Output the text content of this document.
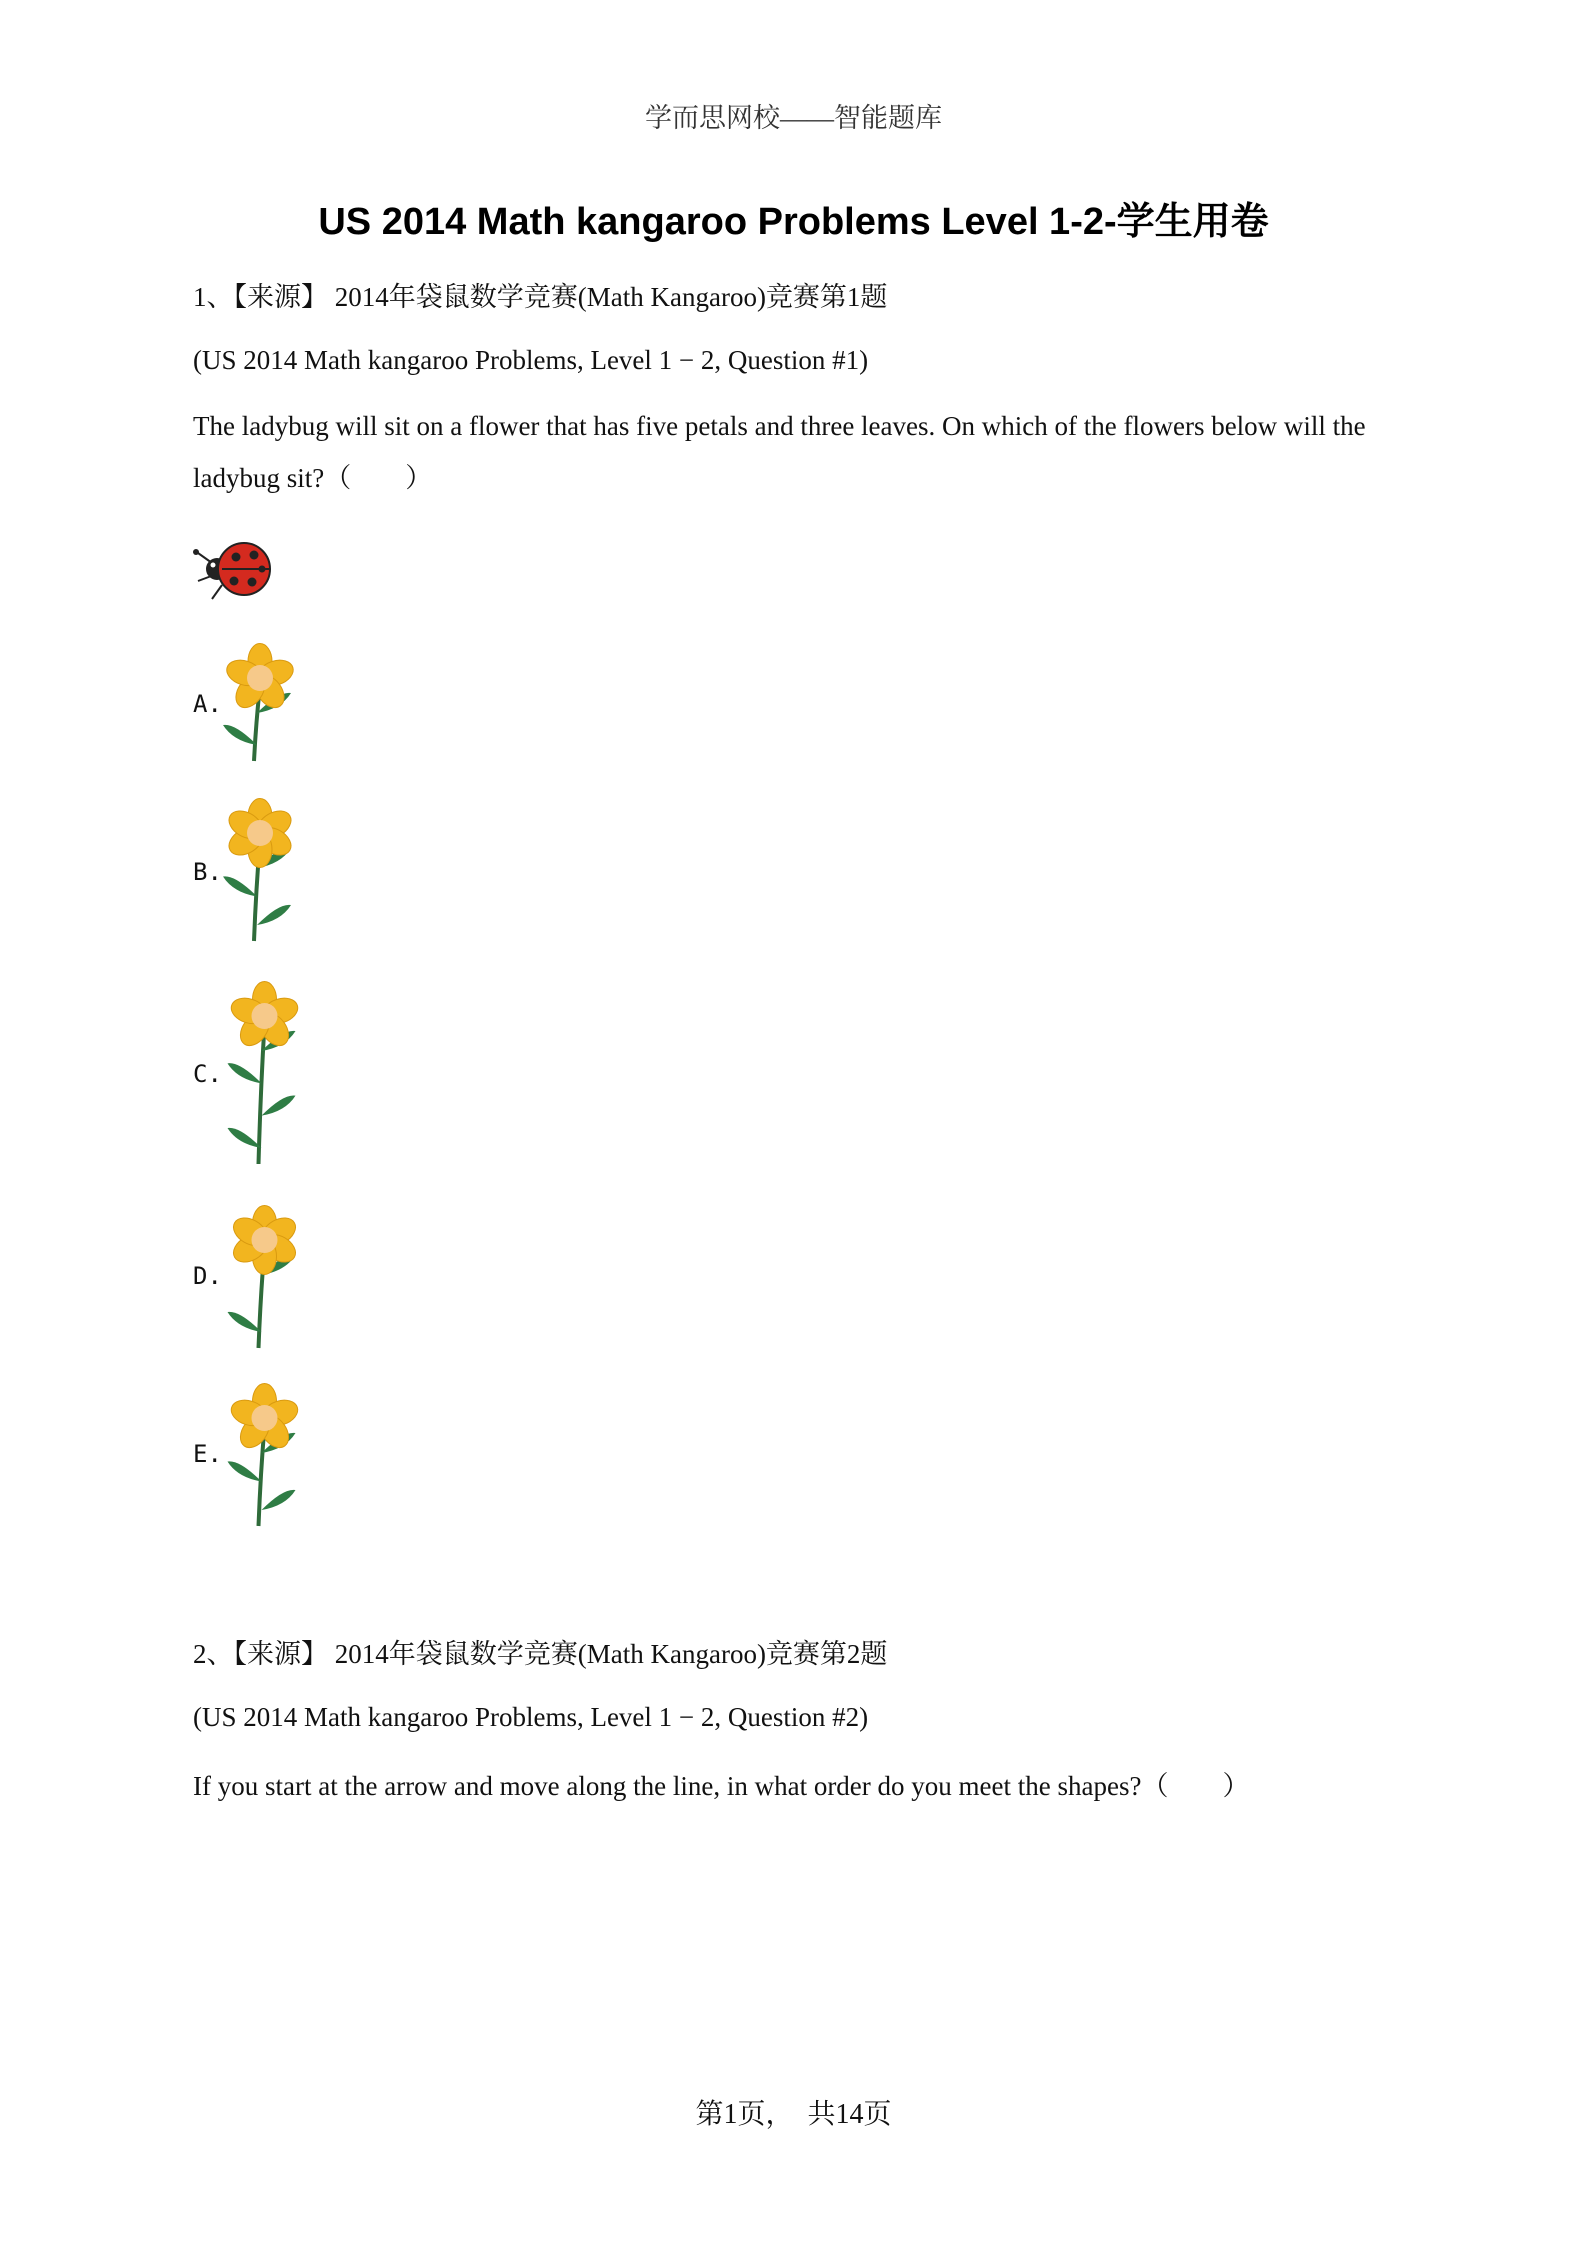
学而思网校——智能题库
US 2014 Math kangaroo Problems Level 1-2-学生用卷
1、【来源】 2014年袋鼠数学竞赛(Math Kangaroo)竞赛第1题
(US 2014 Math kangaroo Problems, Level 1 − 2, Question #1)
The ladybug will sit on a flower that has five petals and three leaves. On which of the flowers below will the ladybug sit?（　　）
A.
B.
C.
D.
E.
2、【来源】 2014年袋鼠数学竞赛(Math Kangaroo)竞赛第2题
(US 2014 Math kangaroo Problems, Level 1 − 2, Question #2)
If you start at the arrow and move along the line, in what order do you meet the shapes?（　　）
第1页，　共14页
